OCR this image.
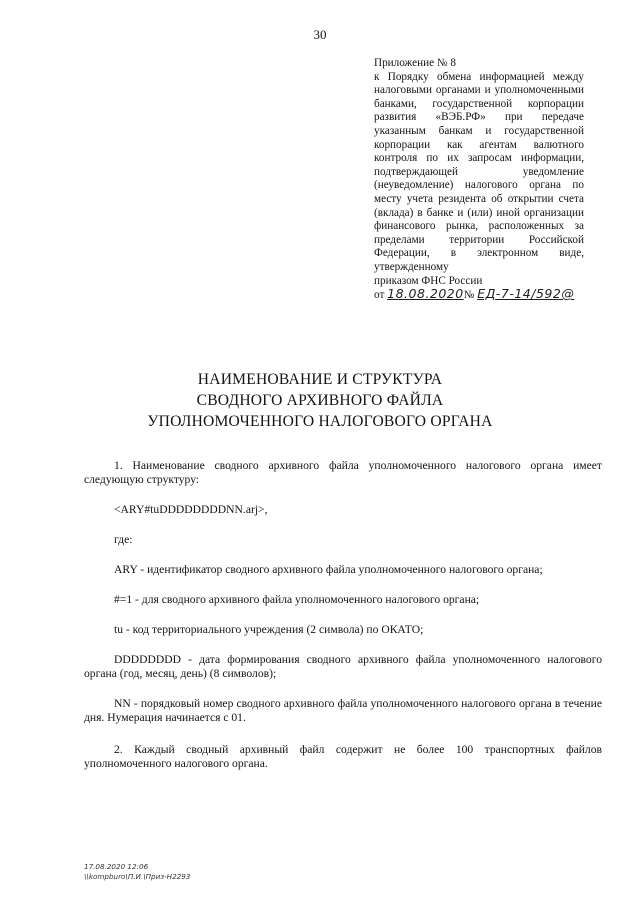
30
Приложение № 8
к Порядку обмена информацией между налоговыми органами и уполномоченными банками, государственной корпорации развития «ВЭБ.РФ» при передаче указанным банкам и государственной корпорации как агентам валютного контроля по их запросам информации, подтверждающей уведомление (неуведомление) налогового органа по месту учета резидента об открытии счета (вклада) в банке и (или) иной организации финансового рынка, расположенных за пределами территории Российской Федерации, в электронном виде, утвержденному
приказом ФНС России
от 18.08.2020№ ЕД-7-14/592@
НАИМЕНОВАНИЕ И СТРУКТУРА
СВОДНОГО АРХИВНОГО ФАЙЛА
УПОЛНОМОЧЕННОГО НАЛОГОВОГО ОРГАНА

1. Наименование сводного архивного файла уполномоченного налогового органа имеет следующую структуру:

<ARY#tuDDDDDDDDNN.arj>,

где:

ARY - идентификатор сводного архивного файла уполномоченного налогового органа;

#=1 - для сводного архивного файла уполномоченного налогового органа;

tu - код территориального учреждения (2 символа) по ОКАТО;

DDDDDDDD - дата формирования сводного архивного файла уполномоченного налогового органа (год, месяц, день) (8 символов);

NN - порядковый номер сводного архивного файла уполномоченного налогового органа в течение дня. Нумерация начинается с 01.

2. Каждый сводный архивный файл содержит не более 100 транспортных файлов уполномоченного налогового органа.

17.08.2020 12:06
\\kompburo\П.И.\Приз-Н2293
